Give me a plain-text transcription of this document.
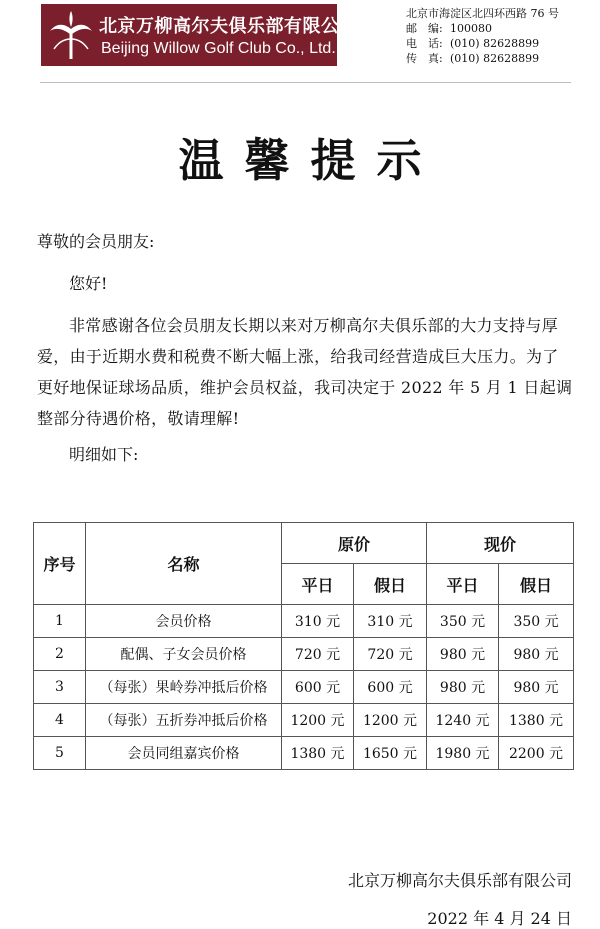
北京万柳高尔夫俱乐部有限公司
Beijing Willow Golf Club Co., Ltd.
北京市海淀区北四环西路 76 号
邮　编: 100080
电　话: (010) 82628899
传　真: (010) 82628899
温馨提示

尊敬的会员朋友:

您好!

非常感谢各位会员朋友长期以来对万柳高尔夫俱乐部的大力支持与厚爱，由于近期水费和税费不断大幅上涨，给我司经营造成巨大压力。为了更好地保证球场品质，维护会员权益，我司决定于 2022 年 5 月 1 日起调整部分待遇价格，敬请理解!

明细如下:

序号	名称	原价		现价	
		平日	假日	平日	假日
1	会员价格	310 元	310 元	350 元	350 元
2	配偶、子女会员价格	720 元	720 元	980 元	980 元
3	（每张）果岭券冲抵后价格	600 元	600 元	980 元	980 元
4	（每张）五折券冲抵后价格	1200 元	1200 元	1240 元	1380 元
5	会员同组嘉宾价格	1380 元	1650 元	1980 元	2200 元
北京万柳高尔夫俱乐部有限公司
2022 年 4 月 24 日
